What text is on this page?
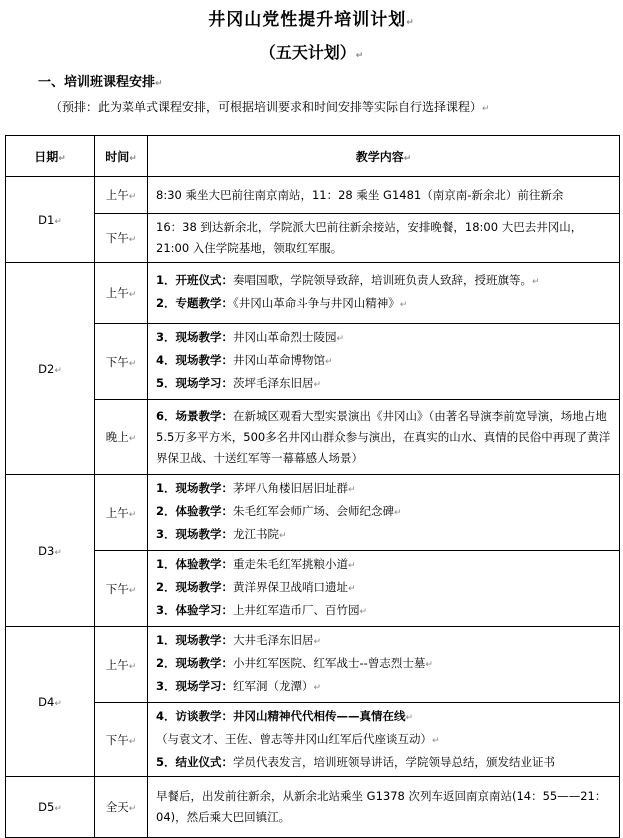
井冈山党性提升培训计划↵
（五天计划）↵
一、培训班课程安排↵
（预排：此为菜单式课程安排，可根据培训要求和时间安排等实际自行选择课程）↵
日期↵	时间↵	教学内容↵
D1↵	上午↵	8:30 乘坐大巴前往南京南站，11：28 乘坐 G1481（南京南-新余北）前往新余

	下午↵	16：38 到达新余北，学院派大巴前往新余接站，安排晚餐，18:00 大巴去井冈山，21:00 入住学院基地，领取红军服。

D2↵	上午↵	1．开班仪式：奏唱国歌，学院领导致辞，培训班负责人致辞，授班旗等。↵
2．专题教学：《井冈山革命斗争与井冈山精神》↵

	下午↵	3．现场教学：井冈山革命烈士陵园↵
4．现场教学：井冈山革命博物馆↵
5．现场学习：茨坪毛泽东旧居↵

	晚上↵	6．场景教学：在新城区观看大型实景演出《井冈山》（由著名导演李前宽导演，场地占地5.5万多平方米，500多名井冈山群众参与演出，在真实的山水、真情的民俗中再现了黄洋界保卫战、十送红军等一幕幕感人场景）

D3↵	上午↵	1．现场教学：茅坪八角楼旧居旧址群↵
2．体验教学：朱毛红军会师广场、会师纪念碑↵
3．现场教学：龙江书院↵

	下午↵	1．体验教学：重走朱毛红军挑粮小道↵
2．现场教学：黄洋界保卫战哨口遗址↵
3．体验学习：上井红军造币厂、百竹园↵

D4↵	上午↵	1．现场教学：大井毛泽东旧居↵
2．现场教学：小井红军医院、红军战士--曾志烈士墓↵
3．现场学习：红军洞（龙潭）↵

	下午↵	4．访谈教学：井冈山精神代代相传——真情在线↵
（与袁文才、王佐、曾志等井冈山红军后代座谈互动）↵
5．结业仪式：学员代表发言，培训班领导讲话，学院领导总结，颁发结业证书

D5↵	全天↵	早餐后，出发前往新余，从新余北站乘坐 G1378 次列车返回南京南站(14：55——21：04)，然后乘大巴回镇江。
